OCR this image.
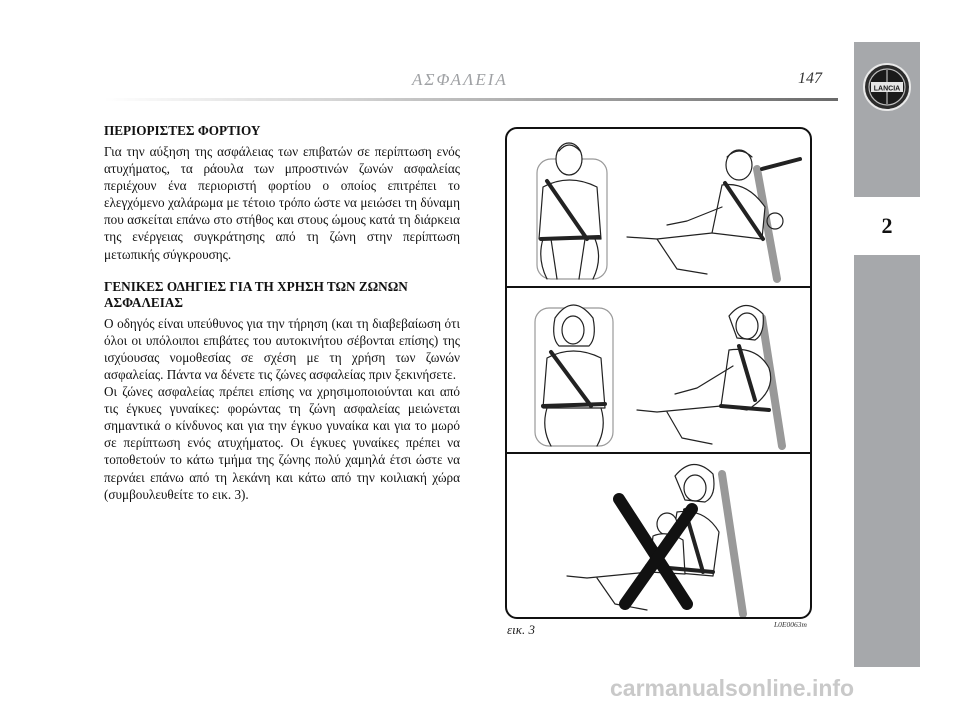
ΑΣΦΑΛΕΙΑ	147
LANCIA
2
ΠΕΡΙΟΡΙΣΤΕΣ ΦΟΡΤΙΟΥ

Για την αύξηση της ασφάλειας των επιβατών σε περίπτωση ενός ατυχήματος, τα ράουλα των μπροστινών ζωνών ασφαλείας περιέχουν ένα περιοριστή φορτίου ο οποίος επιτρέπει το ελεγχόμενο χαλάρωμα με τέτοιο τρόπο ώστε να μειώσει τη δύναμη που ασκείται επάνω στο στήθος και στους ώμους κατά τη διάρκεια της ενέργειας συγκράτησης από τη ζώνη στην περίπτωση μετωπικής σύγκρουσης.

ΓΕΝΙΚΕΣ ΟΔΗΓΙΕΣ ΓΙΑ ΤΗ ΧΡΗΣΗ ΤΩΝ ΖΩΝΩΝ ΑΣΦΑΛΕΙΑΣ

Ο οδηγός είναι υπεύθυνος για την τήρηση (και τη διαβεβαίωση ότι όλοι οι υπόλοιποι επιβάτες του αυτοκινήτου σέβονται επίσης) της ισχύουσας νομοθεσίας σε σχέση με τη χρήση των ζωνών ασφαλείας. Πάντα να δένετε τις ζώνες ασφαλείας πριν ξεκινήσετε.

Οι ζώνες ασφαλείας πρέπει επίσης να χρησιμοποιούνται και από τις έγκυες γυναίκες: φορώντας τη ζώνη ασφαλείας μειώνεται σημαντικά ο κίνδυνος και για την έγκυο γυναίκα και για το μωρό σε περίπτωση ενός ατυχήματος. Οι έγκυες γυναίκες πρέπει να τοποθετούν το κάτω τμήμα της ζώνης πολύ χαμηλά έτσι ώστε να περνάει επάνω από τη λεκάνη και κάτω από την κοιλιακή χώρα (συμβουλευθείτε το εικ. 3).

εικ. 3	L0E0063m
carmanualsonline.info
